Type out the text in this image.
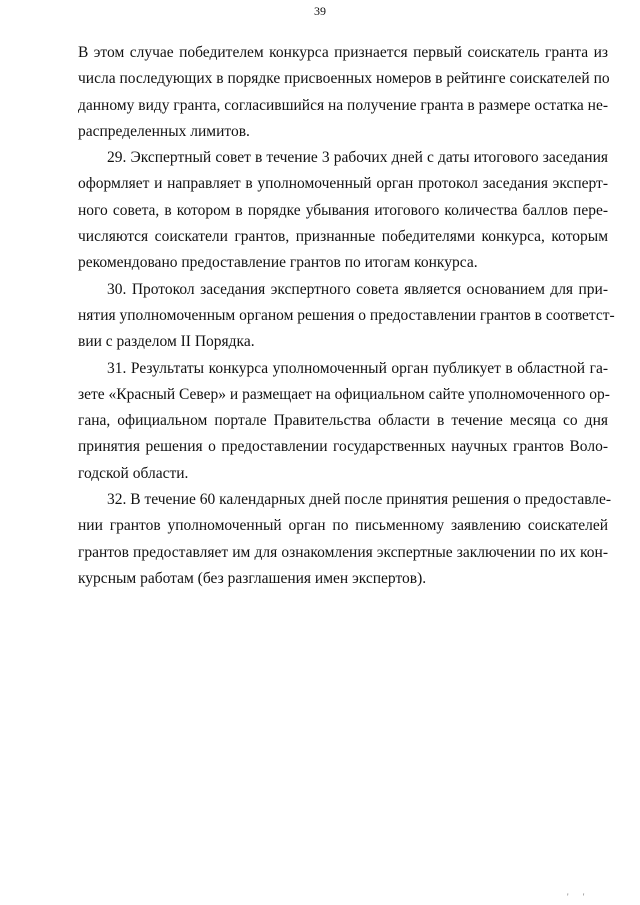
39

В этом случае победителем конкурса признается первый соискатель гранта из
числа последующих в порядке присвоенных номеров в рейтинге соискателей по
данному виду гранта, согласившийся на получение гранта в размере остатка не-
распределенных лимитов.

29. Экспертный совет в течение 3 рабочих дней с даты итогового заседания
оформляет и направляет в уполномоченный орган протокол заседания эксперт-
ного совета, в котором в порядке убывания итогового количества баллов пере-
числяются соискатели грантов, признанные победителями конкурса, которым
рекомендовано предоставление грантов по итогам конкурса.

30. Протокол заседания экспертного совета является основанием для при-
нятия уполномоченным органом решения о предоставлении грантов в соответст-
вии с разделом II Порядка.

31. Результаты конкурса уполномоченный орган публикует в областной га-
зете «Красный Север» и размещает на официальном сайте уполномоченного ор-
гана, официальном портале Правительства области в течение месяца со дня
принятия решения о предоставлении государственных научных грантов Воло-
годской области.

32. В течение 60 календарных дней после принятия решения о предоставле-
нии грантов уполномоченный орган по письменному заявлению соискателей
грантов предоставляет им для ознакомления экспертные заключении по их кон-
курсным работам (без разглашения имен экспертов).

' '
